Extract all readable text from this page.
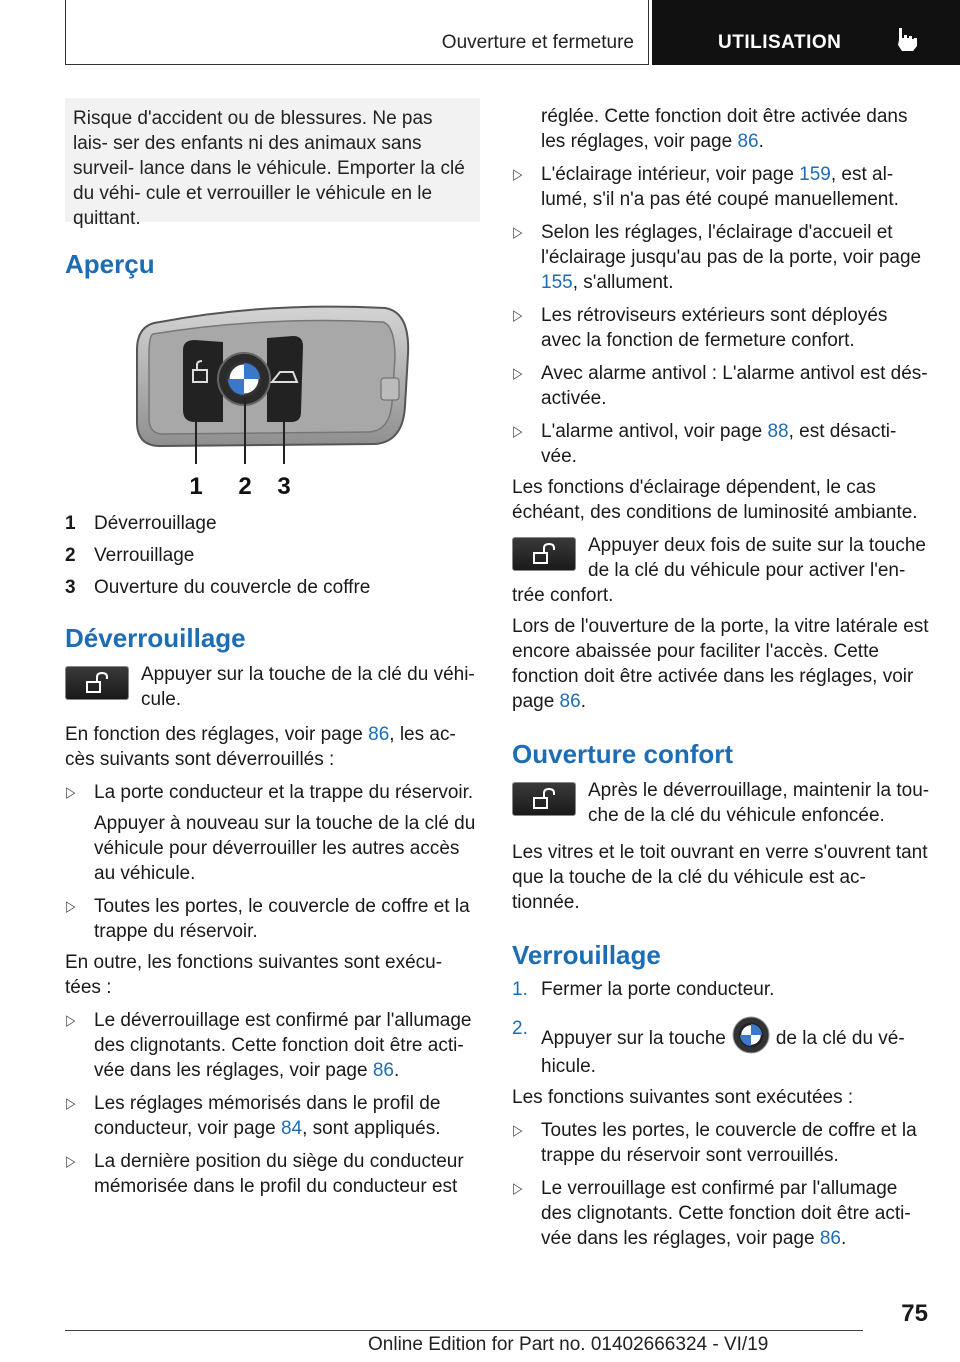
Ouverture et fermeture	UTILISATION

Risque d'accident ou de blessures. Ne pas lais- ser des enfants ni des animaux sans surveil- lance dans le véhicule. Emporter la clé du véhi- cule et verrouiller le véhicule en le quittant.

Aperçu
1 2 3
1 Déverrouillage
2 Verrouillage
3 Ouverture du couvercle de coffre
Déverrouillage

Appuyer sur la touche de la clé du véhi- cule.

En fonction des réglages, voir page 86, les ac- cès suivants sont déverrouillés :

▷ La porte conducteur et la trappe du réservoir.

Appuyer à nouveau sur la touche de la clé du véhicule pour déverrouiller les autres accès au véhicule.

▷ Toutes les portes, le couvercle de coffre et la trappe du réservoir.

En outre, les fonctions suivantes sont exécu- tées :

▷ Le déverrouillage est confirmé par l'allumage des clignotants. Cette fonction doit être acti- vée dans les réglages, voir page 86.
▷ Les réglages mémorisés dans le profil de conducteur, voir page 84, sont appliqués.
▷ La dernière position du siège du conducteur mémorisée dans le profil du conducteur est

réglée. Cette fonction doit être activée dans les réglages, voir page 86.

▷ L'éclairage intérieur, voir page 159, est al- lumé, s'il n'a pas été coupé manuellement.
▷ Selon les réglages, l'éclairage d'accueil et l'éclairage jusqu'au pas de la porte, voir page 155, s'allument.
▷ Les rétroviseurs extérieurs sont déployés avec la fonction de fermeture confort.
▷ Avec alarme antivol : L'alarme antivol est dés- activée.
▷ L'alarme antivol, voir page 88, est désacti- vée.

Les fonctions d'éclairage dépendent, le cas échéant, des conditions de luminosité ambiante.

Appuyer deux fois de suite sur la touche de la clé du véhicule pour activer l'en- trée confort.

Lors de l'ouverture de la porte, la vitre latérale est encore abaissée pour faciliter l'accès. Cette fonction doit être activée dans les réglages, voir page 86.

Ouverture confort

Après le déverrouillage, maintenir la tou- che de la clé du véhicule enfoncée.

Les vitres et le toit ouvrant en verre s'ouvrent tant que la touche de la clé du véhicule est ac- tionnée.

Verrouillage
1. Fermer la porte conducteur.
2. Appuyer sur la touche	de la clé du vé- hicule.

Les fonctions suivantes sont exécutées :

▷ Toutes les portes, le couvercle de coffre et la trappe du réservoir sont verrouillés.
▷ Le verrouillage est confirmé par l'allumage des clignotants. Cette fonction doit être acti- vée dans les réglages, voir page 86.
75
Online Edition for Part no. 01402666324 - VI/19
